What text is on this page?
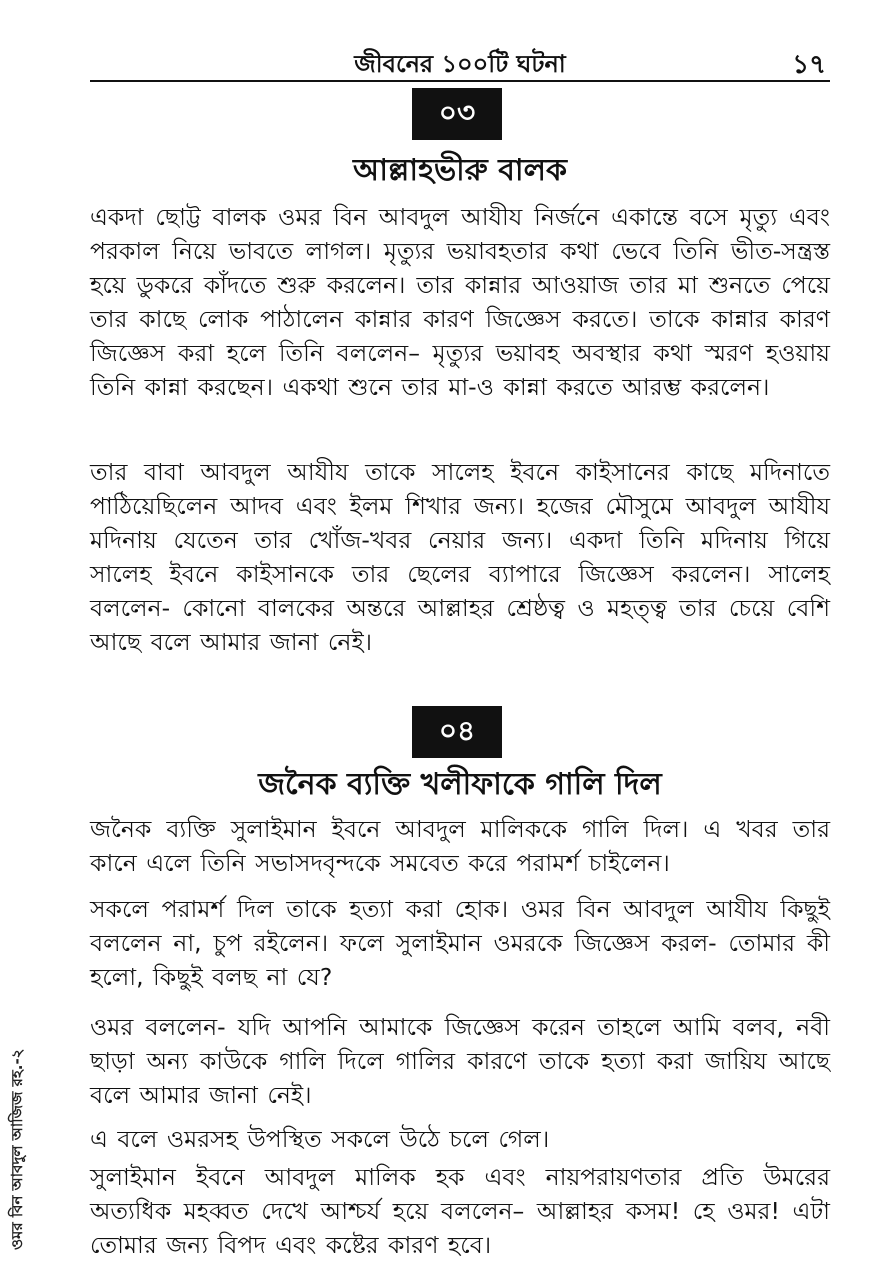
জীবনের ১০০টি ঘটনা	১৭
০৩
আল্লাহভীরু বালক

একদা ছোট্ট বালক ওমর বিন আবদুল আযীয নির্জনে একান্তে বসে মৃত্যু এবং পরকাল নিয়ে ভাবতে লাগল। মৃত্যুর ভয়াবহতার কথা ভেবে তিনি ভীত-সন্ত্রস্ত হয়ে ডুকরে কাঁদতে শুরু করলেন। তার কান্নার আওয়াজ তার মা শুনতে পেয়ে তার কাছে লোক পাঠালেন কান্নার কারণ জিজ্ঞেস করতে। তাকে কান্নার কারণ জিজ্ঞেস করা হলে তিনি বললেন– মৃত্যুর ভয়াবহ অবস্থার কথা স্মরণ হওয়ায় তিনি কান্না করছেন। একথা শুনে তার মা-ও কান্না করতে আরম্ভ করলেন।

তার বাবা আবদুল আযীয তাকে সালেহ ইবনে কাইসানের কাছে মদিনাতে পাঠিয়েছিলেন আদব এবং ইলম শিখার জন্য। হজের মৌসুমে আবদুল আযীয মদিনায় যেতেন তার খোঁজ-খবর নেয়ার জন্য। একদা তিনি মদিনায় গিয়ে সালেহ ইবনে কাইসানকে তার ছেলের ব্যাপারে জিজ্ঞেস করলেন। সালেহ বললেন- কোনো বালকের অন্তরে আল্লাহর শ্রেষ্ঠত্ব ও মহত্ত্ব তার চেয়ে বেশি আছে বলে আমার জানা নেই।

০৪
জনৈক ব্যক্তি খলীফাকে গালি দিল

জনৈক ব্যক্তি সুলাইমান ইবনে আবদুল মালিককে গালি দিল। এ খবর তার কানে এলে তিনি সভাসদবৃন্দকে সমবেত করে পরামর্শ চাইলেন।

সকলে পরামর্শ দিল তাকে হত্যা করা হোক। ওমর বিন আবদুল আযীয কিছুই বললেন না, চুপ রইলেন। ফলে সুলাইমান ওমরকে জিজ্ঞেস করল- তোমার কী হলো, কিছুই বলছ না যে?

ওমর বললেন- যদি আপনি আমাকে জিজ্ঞেস করেন তাহলে আমি বলব, নবী ছাড়া অন্য কাউকে গালি দিলে গালির কারণে তাকে হত্যা করা জায়িয আছে বলে আমার জানা নেই।

এ বলে ওমরসহ উপস্থিত সকলে উঠে চলে গেল।

সুলাইমান ইবনে আবদুল মালিক হক এবং নায়পরায়ণতার প্রতি উমরের অত্যধিক মহব্বত দেখে আশ্চর্য হয়ে বললেন– আল্লাহর কসম! হে ওমর! এটা তোমার জন্য বিপদ এবং কষ্টের কারণ হবে।

ওমর বিন আবদুল আজিজ রহ.-২
